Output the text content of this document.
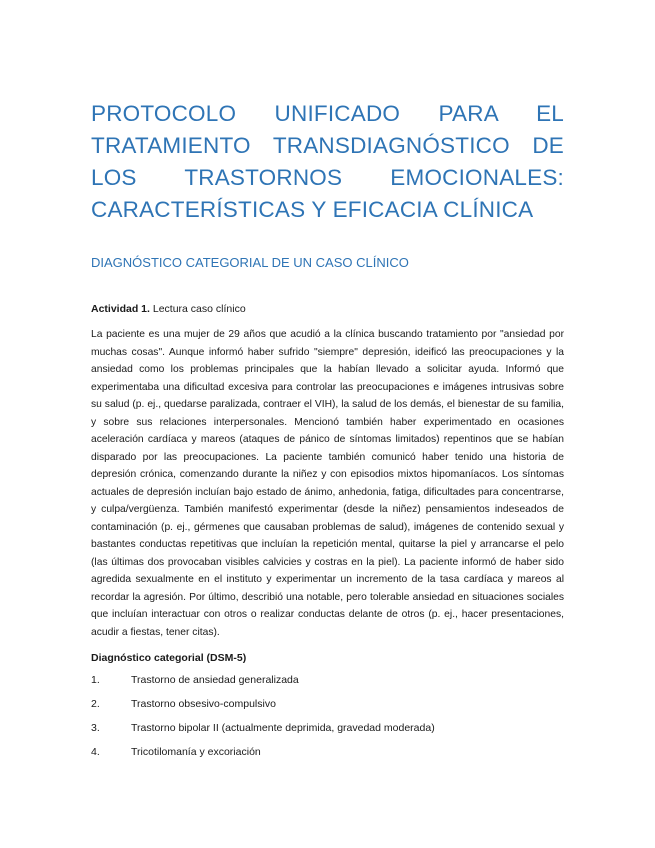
PROTOCOLO UNIFICADO PARA EL TRATAMIENTO TRANSDIAGNÓSTICO DE LOS TRASTORNOS EMOCIONALES: CARACTERÍSTICAS Y EFICACIA CLÍNICA
DIAGNÓSTICO CATEGORIAL DE UN CASO CLÍNICO

Actividad 1. Lectura caso clínico

La paciente es una mujer de 29 años que acudió a la clínica buscando tratamiento por "ansiedad por muchas cosas". Aunque informó haber sufrido "siempre" depresión, ideificó las preocupaciones y la ansiedad como los problemas principales que la habían llevado a solicitar ayuda. Informó que experimentaba una dificultad excesiva para controlar las preocupaciones e imágenes intrusivas sobre su salud (p. ej., quedarse paralizada, contraer el VIH), la salud de los demás, el bienestar de su familia, y sobre sus relaciones interpersonales. Mencionó también haber experimentado en ocasiones aceleración cardíaca y mareos (ataques de pánico de síntomas limitados) repentinos que se habían disparado por las preocupaciones. La paciente también comunicó haber tenido una historia de depresión crónica, comenzando durante la niñez y con episodios mixtos hipomaníacos. Los síntomas actuales de depresión incluían bajo estado de ánimo, anhedonia, fatiga, dificultades para concentrarse, y culpa/vergüenza. También manifestó experimentar (desde la niñez) pensamientos indeseados de contaminación (p. ej., gérmenes que causaban problemas de salud), imágenes de contenido sexual y bastantes conductas repetitivas que incluían la repetición mental, quitarse la piel y arrancarse el pelo (las últimas dos provocaban visibles calvicies y costras en la piel). La paciente informó de haber sido agredida sexualmente en el instituto y experimentar un incremento de la tasa cardíaca y mareos al recordar la agresión. Por último, describió una notable, pero tolerable ansiedad en situaciones sociales que incluían interactuar con otros o realizar conductas delante de otros (p. ej., hacer presentaciones, acudir a fiestas, tener citas).

Diagnóstico categorial (DSM-5)

1.	Trastorno de ansiedad generalizada
2.	Trastorno obsesivo-compulsivo
3.	Trastorno bipolar II (actualmente deprimida, gravedad moderada)
4.	Tricotilomanía y excoriación
